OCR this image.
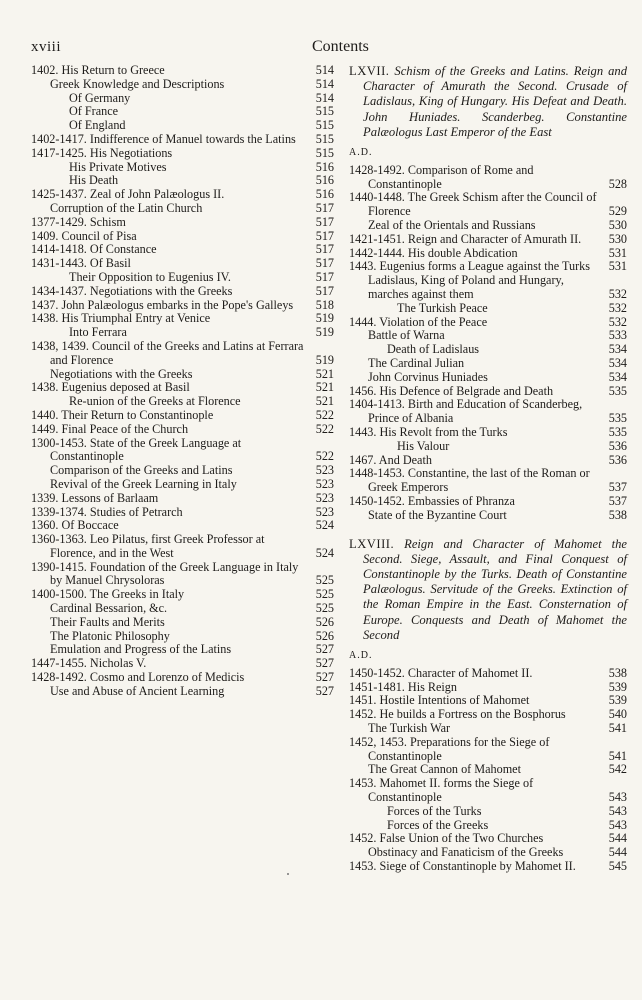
xviii	Contents
1402. His Return to Greece	514
Greek Knowledge and Descriptions	514
Of Germany	514
Of France	515
Of England	515
1402-1417. Indifference of Manuel towards the Latins	515
1417-1425. His Negotiations	515
His Private Motives	516
His Death	516
1425-1437. Zeal of John Palæologus II.	516
Corruption of the Latin Church	517
1377-1429. Schism	517
1409. Council of Pisa	517
1414-1418. Of Constance	517
1431-1443. Of Basil	517
Their Opposition to Eugenius IV.	517
1434-1437. Negotiations with the Greeks	517
1437. John Palæologus embarks in the Pope's Galleys	518
1438. His Triumphal Entry at Venice	519
Into Ferrara	519
1438, 1439. Council of the Greeks and Latins at Ferrara and Florence	519
Negotiations with the Greeks	521
1438. Eugenius deposed at Basil	521
Re-union of the Greeks at Florence	521
1440. Their Return to Constantinople	522
1449. Final Peace of the Church	522
1300-1453. State of the Greek Language at Constantinople	522
Comparison of the Greeks and Latins	523
Revival of the Greek Learning in Italy	523
1339. Lessons of Barlaam	523
1339-1374. Studies of Petrarch	523
1360. Of Boccace	524
1360-1363. Leo Pilatus, first Greek Professor at Florence, and in the West	524
1390-1415. Foundation of the Greek Language in Italy by Manuel Chrysoloras	525
1400-1500. The Greeks in Italy	525
Cardinal Bessarion, &c.	525
Their Faults and Merits	526
The Platonic Philosophy	526
Emulation and Progress of the Latins	527
1447-1455. Nicholas V.	527
1428-1492. Cosmo and Lorenzo of Medicis	527
Use and Abuse of Ancient Learning	527
LXVII. Schism of the Greeks and Latins. Reign and Character of Amurath the Second. Crusade of Ladislaus, King of Hungary. His Defeat and Death. John Huniades. Scanderbeg. Constantine Palæologus Last Emperor of the East
A.D.
1428-1492. Comparison of Rome and Constantinople	528
1440-1448. The Greek Schism after the Council of Florence	529
Zeal of the Orientals and Russians	530
1421-1451. Reign and Character of Amurath II.	530
1442-1444. His double Abdication	531
1443. Eugenius forms a League against the Turks	531
Ladislaus, King of Poland and Hungary, marches against them	532
The Turkish Peace	532
1444. Violation of the Peace	532
Battle of Warna	533
Death of Ladislaus	534
The Cardinal Julian	534
John Corvinus Huniades	534
1456. His Defence of Belgrade and Death	535
1404-1413. Birth and Education of Scanderbeg, Prince of Albania	535
1443. His Revolt from the Turks	535
His Valour	536
1467. And Death	536
1448-1453. Constantine, the last of the Roman or Greek Emperors	537
1450-1452. Embassies of Phranza	537
State of the Byzantine Court	538
LXVIII. Reign and Character of Mahomet the Second. Siege, Assault, and Final Conquest of Constantinople by the Turks. Death of Constantine Palæologus. Servitude of the Greeks. Extinction of the Roman Empire in the East. Consternation of Europe. Conquests and Death of Mahomet the Second
A.D.
1450-1452. Character of Mahomet II.	538
1451-1481. His Reign	539
1451. Hostile Intentions of Mahomet	539
1452. He builds a Fortress on the Bosphorus	540
The Turkish War	541
1452, 1453. Preparations for the Siege of Constantinople	541
The Great Cannon of Mahomet	542
1453. Mahomet II. forms the Siege of Constantinople	543
Forces of the Turks	543
Forces of the Greeks	543
1452. False Union of the Two Churches	544
Obstinacy and Fanaticism of the Greeks	544
1453. Siege of Constantinople by Mahomet II.	545
